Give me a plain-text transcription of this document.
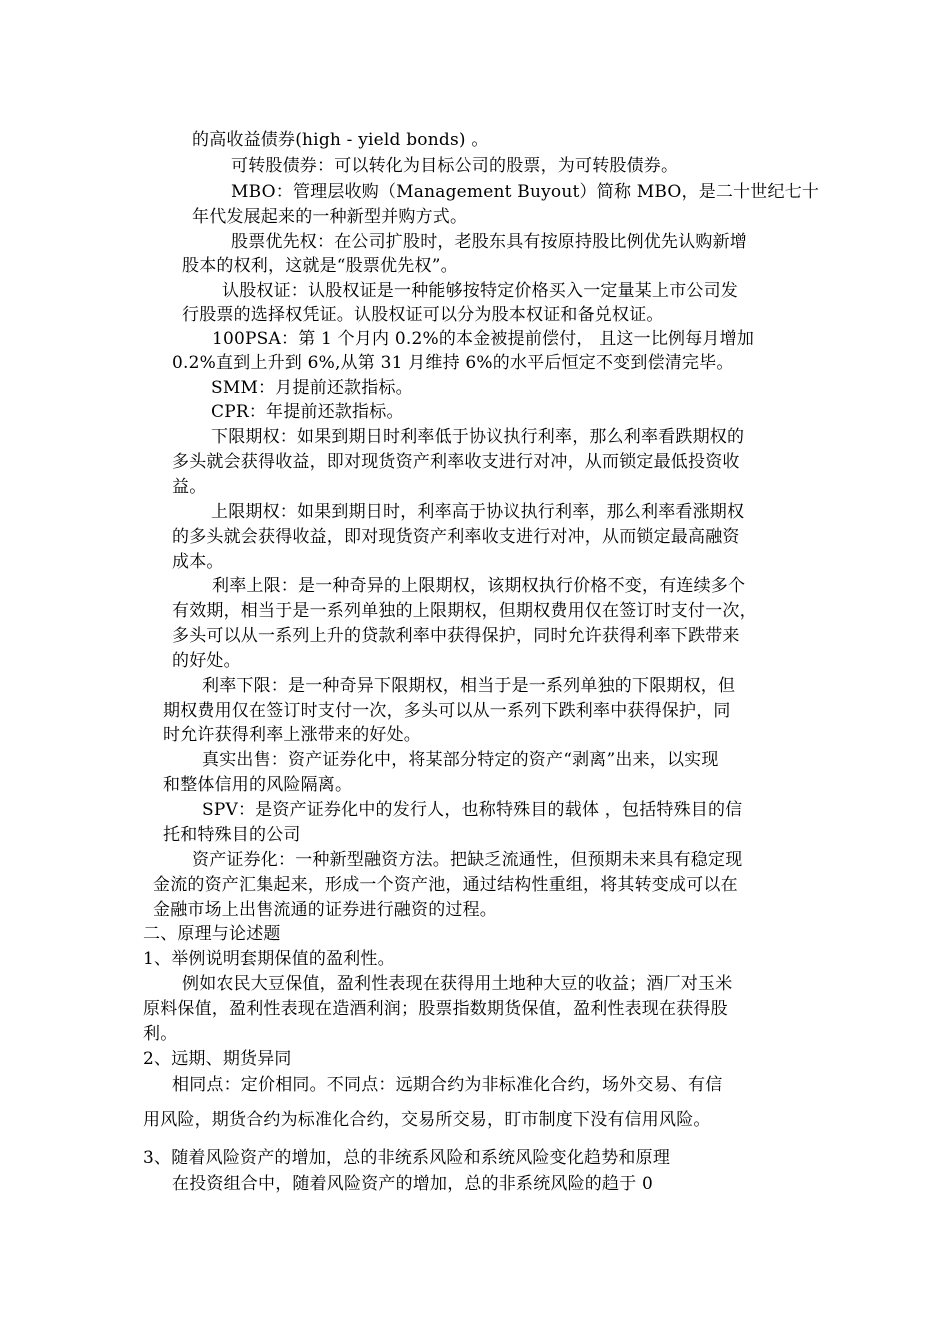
的高收益债券(high - yield bonds) 。
可转股债券：可以转化为目标公司的股票，为可转股债券。
MBO：管理层收购（Management Buyout）简称 MBO，是二十世纪七十
年代发展起来的一种新型并购方式。
股票优先权：在公司扩股时，老股东具有按原持股比例优先认购新增
股本的权利，这就是“股票优先权”。
认股权证：认股权证是一种能够按特定价格买入一定量某上市公司发
行股票的选择权凭证。认股权证可以分为股本权证和备兑权证。
100PSA：第 1 个月内 0.2%的本金被提前偿付， 且这一比例每月增加
0.2%直到上升到 6%,从第 31 月维持 6%的水平后恒定不变到偿清完毕。
SMM：月提前还款指标。
CPR：年提前还款指标。
下限期权：如果到期日时利率低于协议执行利率，那么利率看跌期权的
多头就会获得收益，即对现货资产利率收支进行对冲，从而锁定最低投资收
益。
上限期权：如果到期日时，利率高于协议执行利率，那么利率看涨期权
的多头就会获得收益，即对现货资产利率收支进行对冲，从而锁定最高融资
成本。
利率上限：是一种奇异的上限期权，该期权执行价格不变，有连续多个
有效期，相当于是一系列单独的上限期权，但期权费用仅在签订时支付一次，
多头可以从一系列上升的贷款利率中获得保护，同时允许获得利率下跌带来
的好处。
利率下限：是一种奇异下限期权，相当于是一系列单独的下限期权，但
期权费用仅在签订时支付一次，多头可以从一系列下跌利率中获得保护，同
时允许获得利率上涨带来的好处。
真实出售：资产证券化中，将某部分特定的资产“剥离”出来，以实现
和整体信用的风险隔离。
SPV：是资产证券化中的发行人，也称特殊目的载体 ，包括特殊目的信
托和特殊目的公司
资产证券化：一种新型融资方法。把缺乏流通性，但预期未来具有稳定现
金流的资产汇集起来，形成一个资产池，通过结构性重组，将其转变成可以在
金融市场上出售流通的证券进行融资的过程。
二、原理与论述题
1、举例说明套期保值的盈利性。
例如农民大豆保值，盈利性表现在获得用土地种大豆的收益；酒厂对玉米
原料保值，盈利性表现在造酒利润；股票指数期货保值，盈利性表现在获得股
利。
2、远期、期货异同
相同点：定价相同。不同点：远期合约为非标准化合约，场外交易、有信
用风险，期货合约为标准化合约，交易所交易，盯市制度下没有信用风险。
3、随着风险资产的增加，总的非统系风险和系统风险变化趋势和原理
在投资组合中，随着风险资产的增加，总的非系统风险的趋于 0
